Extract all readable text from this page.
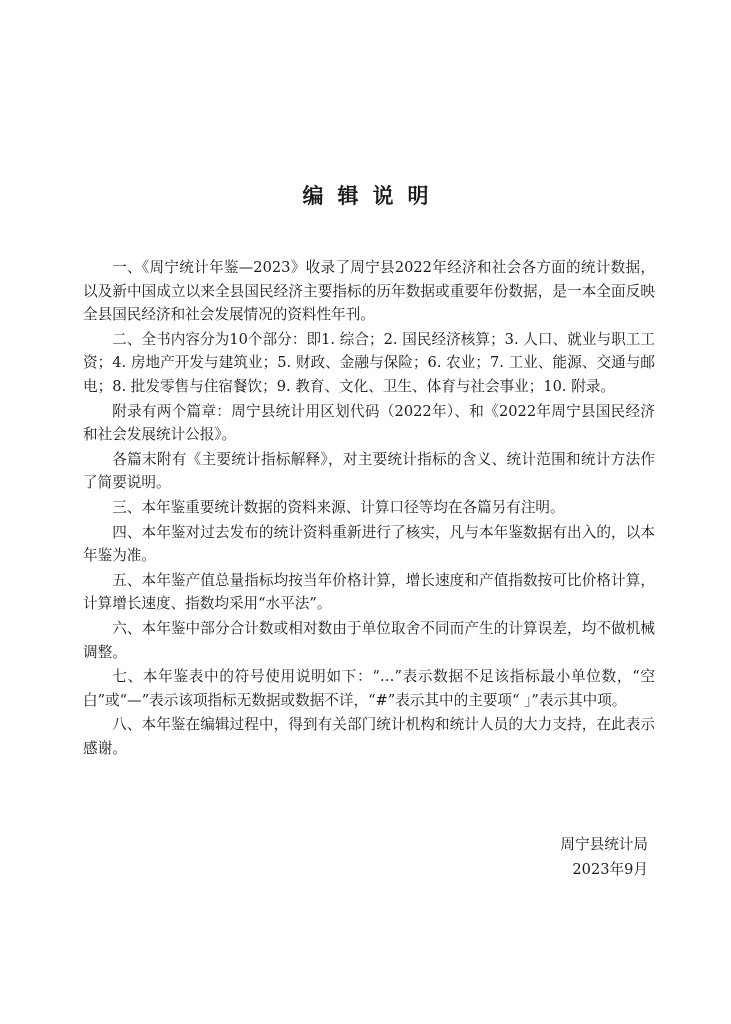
编辑说明

一、《周宁统计年鉴—2023》收录了周宁县2022年经济和社会各方面的统计数据，以及新中国成立以来全县国民经济主要指标的历年数据或重要年份数据，是一本全面反映全县国民经济和社会发展情况的资料性年刊。

二、全书内容分为10个部分：即1. 综合；2. 国民经济核算；3. 人口、就业与职工工资；4. 房地产开发与建筑业；5. 财政、金融与保险；6. 农业；7. 工业、能源、交通与邮电；8. 批发零售与住宿餐饮；9. 教育、文化、卫生、体育与社会事业；10. 附录。

附录有两个篇章：周宁县统计用区划代码（2022年）、和《2022年周宁县国民经济和社会发展统计公报》。

各篇末附有《主要统计指标解释》，对主要统计指标的含义、统计范围和统计方法作了简要说明。

三、本年鉴重要统计数据的资料来源、计算口径等均在各篇另有注明。

四、本年鉴对过去发布的统计资料重新进行了核实，凡与本年鉴数据有出入的，以本年鉴为准。

五、本年鉴产值总量指标均按当年价格计算，增长速度和产值指数按可比价格计算，计算增长速度、指数均采用“水平法”。

六、本年鉴中部分合计数或相对数由于单位取舍不同而产生的计算误差，均不做机械调整。

七、本年鉴表中的符号使用说明如下：“…”表示数据不足该指标最小单位数，“空白”或“—”表示该项指标无数据或数据不详，“#”表示其中的主要项“ 」”表示其中项。

八、本年鉴在编辑过程中，得到有关部门统计机构和统计人员的大力支持，在此表示感谢。

周宁县统计局
2023年9月
